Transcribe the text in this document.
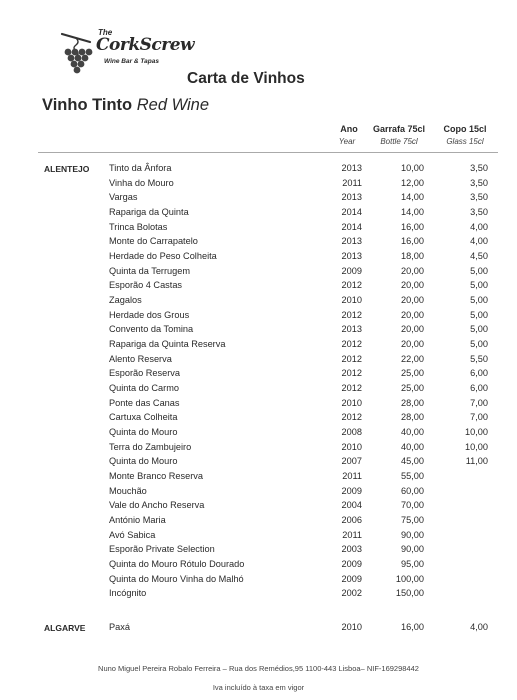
The
CorkScrew
Wine Bar & Tapas
Carta de Vinhos
Vinho Tinto Red Wine
Ano
Year
Garrafa 75cl
Bottle 75cl
Copo 15cl
Glass 15cl
ALENTEJO Tinto da Ânfora	2013	10,00	3,50
Vinha do Mouro	2011	12,00	3,50
Vargas	2013	14,00	3,50
Rapariga da Quinta	2014	14,00	3,50
Trinca Bolotas	2014	16,00	4,00
Monte do Carrapatelo	2013	16,00	4,00
Herdade do Peso Colheita	2013	18,00	4,50
Quinta da Terrugem	2009	20,00	5,00
Esporão 4 Castas	2012	20,00	5,00
Zagalos	2010	20,00	5,00
Herdade dos Grous	2012	20,00	5,00
Convento da Tomina	2013	20,00	5,00
Rapariga da Quinta Reserva	2012	20,00	5,00
Alento Reserva	2012	22,00	5,50
Esporão Reserva	2012	25,00	6,00
Quinta do Carmo	2012	25,00	6,00
Ponte das Canas	2010	28,00	7,00
Cartuxa Colheita	2012	28,00	7,00
Quinta do Mouro	2008	40,00	10,00
Terra do Zambujeiro	2010	40,00	10,00
Quinta do Mouro	2007	45,00	11,00
Monte Branco Reserva	2011	55,00
Mouchão	2009	60,00
Vale do Ancho Reserva	2004	70,00
António Maria	2006	75,00
Avó Sabica	2011	90,00
Esporão Private Selection	2003	90,00
Quinta do Mouro Rótulo Dourado	2009	95,00
Quinta do Mouro Vinha do Malhó	2009	100,00
Incógnito	2002	150,00
ALGARVE	Paxá	2010	16,00	4,00
Nuno Miguel Pereira Robalo Ferreira – Rua dos Remédios,95 1100-443 Lisboa– NIF-169298442
Iva incluído à taxa em vigor
